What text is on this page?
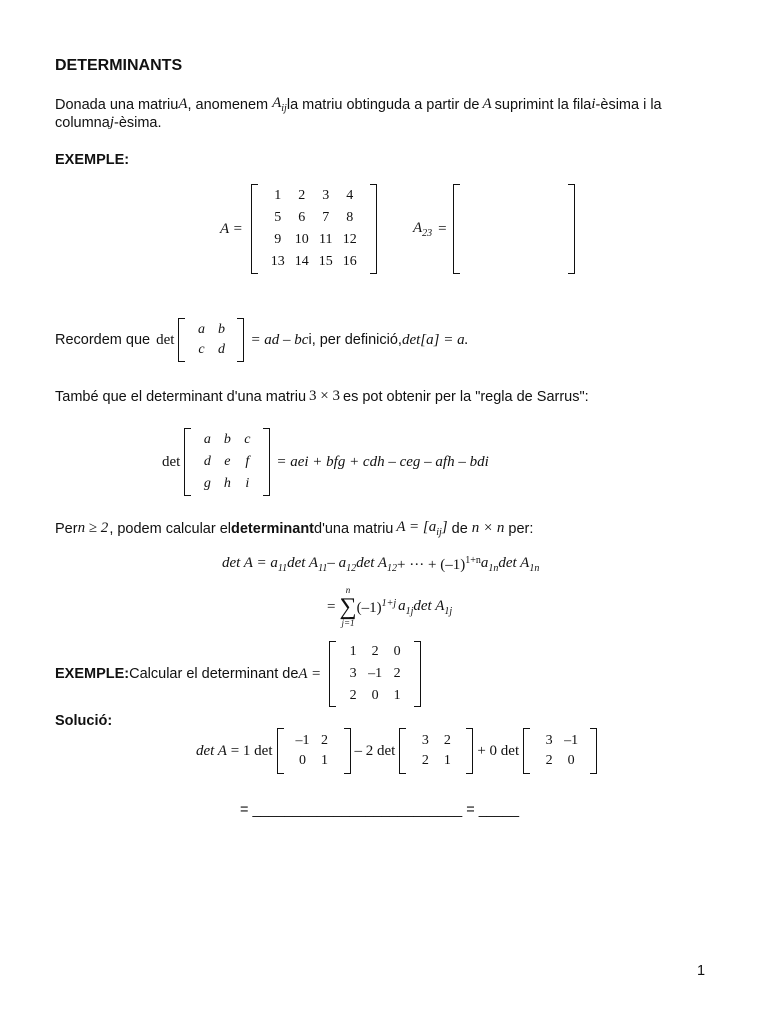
DETERMINANTS
Donada una matriu A , anomenem $A_{ij}$ la matriu obtinguda a partir de A suprimint la fila i -èsima i la
columna j -èsima.
EXEMPLE:
A =
1	2	3	4
5	6	7	8
9 10 11 12
13 14 15 16
$A_{23}$ =
Recordem que det
a b
c d
= ad – bc i, per definició, det[a] = a.
També que el determinant d'una matriu 3 × 3 es pot obtenir per la "regla de Sarrus":
det
a b c
d e	f
g h	i
= aei + bfg + cdh – ceg – afh – bdi
Per n ≥ 2 , podem calcular el determinant d'una matriu $A = [a_{ij}]$ de n × n per:
$\det A = a_{11}$ $\det A_{11} - a_{12}$ $\det A_{12}$ + ··· + $(-1)^{1+n}$ $a_{1n}$ $\det A_{1n}$
=
n
∑
j=1
$(-1)^{1+j}$ $a_{1j}$ $\det A_{1j}$
EXEMPLE: Calcular el determinant de A =
1	2	0
3 –1 2
2	0	1
Solució:
det A = 1 det
–1 2
0	1
– 2 det
3	2
2	1
+ 0 det
3 –1
2	0
= __________________________ = _____
1
